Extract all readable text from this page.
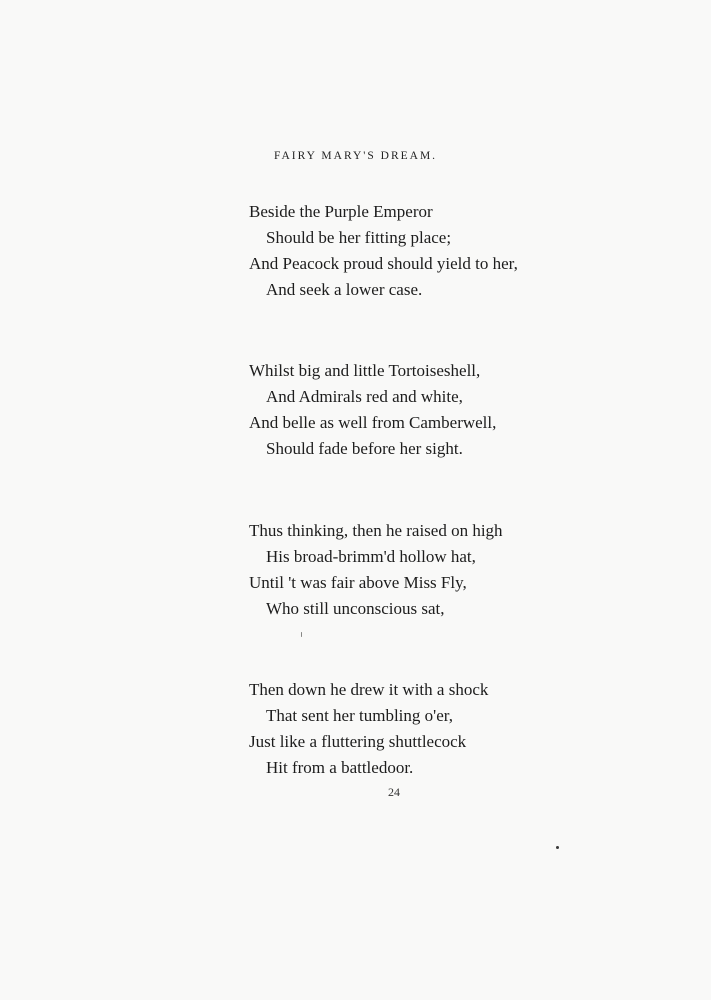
FAIRY MARY'S DREAM.
Beside the Purple Emperor
Should be her fitting place;
And Peacock proud should yield to her,
And seek a lower case.
Whilst big and little Tortoiseshell,
And Admirals red and white,
And belle as well from Camberwell,
Should fade before her sight.
Thus thinking, then he raised on high
His broad-brimm'd hollow hat,
Until 't was fair above Miss Fly,
Who still unconscious sat,
Then down he drew it with a shock
That sent her tumbling o'er,
Just like a fluttering shuttlecock
Hit from a battledoor.
24
